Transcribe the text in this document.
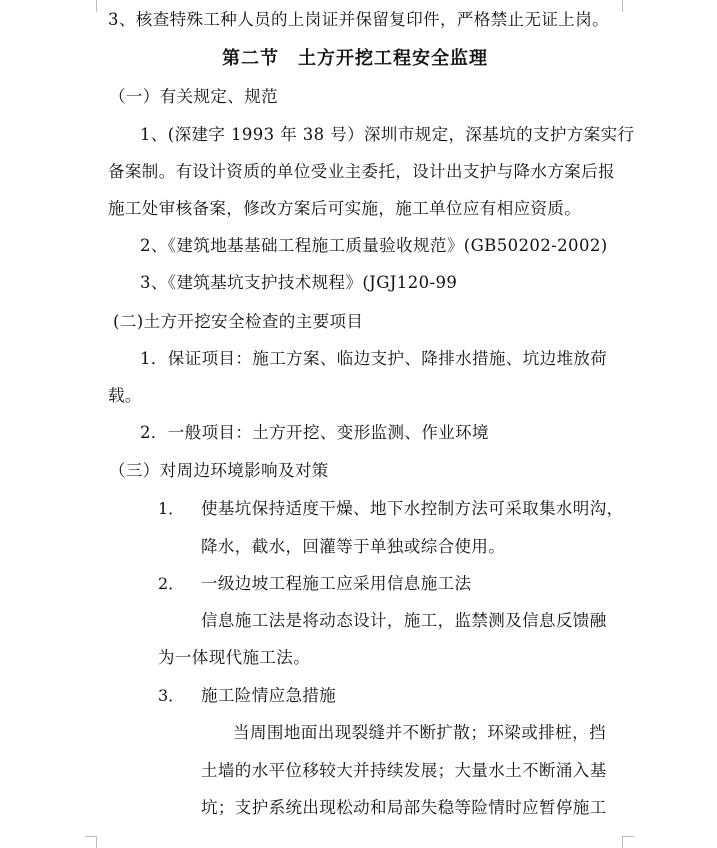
3、核查特殊工种人员的上岗证并保留复印件，严格禁止无证上岗。
第二节　土方开挖工程安全监理
（一）有关规定、规范
1、(深建字 1993 年 38 号）深圳市规定，深基坑的支护方案实行
备案制。有设计资质的单位受业主委托，设计出支护与降水方案后报
施工处审核备案，修改方案后可实施，施工单位应有相应资质。
2、《建筑地基基础工程施工质量验收规范》(GB50202-2002)
3、《建筑基坑支护技术规程》(JGJ120-99
(二)土方开挖安全检查的主要项目
1．保证项目：施工方案、临边支护、降排水措施、坑边堆放荷
载。
2．一般项目：土方开挖、变形监测、作业环境
（三）对周边环境影响及对策
1． 使基坑保持适度干燥、地下水控制方法可采取集水明沟，
降水，截水，回灌等于单独或综合使用。
2． 一级边坡工程施工应采用信息施工法
信息施工法是将动态设计，施工，监禁测及信息反馈融
为一体现代施工法。
3． 施工险情应急措施
当周围地面出现裂缝并不断扩散；环梁或排桩，挡
土墙的水平位移较大并持续发展；大量水土不断涌入基
坑；支护系统出现松动和局部失稳等险情时应暂停施工
